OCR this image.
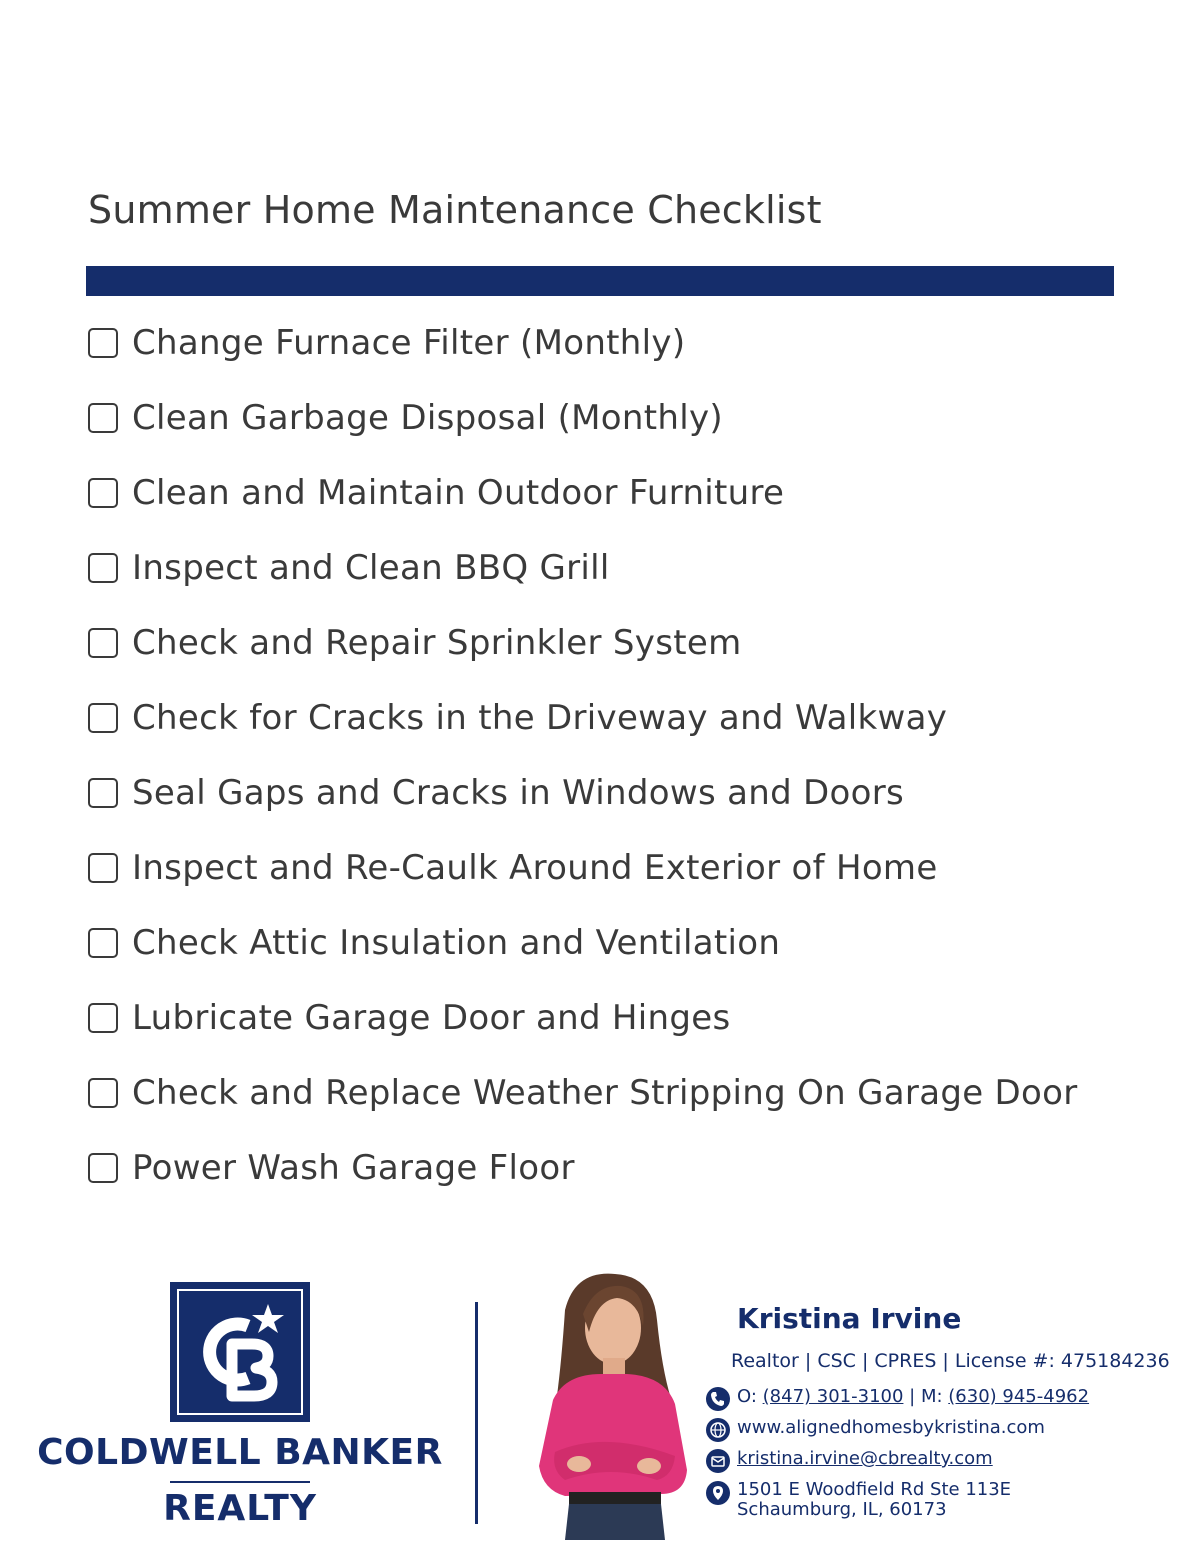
Summer Home Maintenance Checklist
Change Furnace Filter (Monthly)
Clean Garbage Disposal (Monthly)
Clean and Maintain Outdoor Furniture
Inspect and Clean BBQ Grill
Check and Repair Sprinkler System
Check for Cracks in the Driveway and Walkway
Seal Gaps and Cracks in Windows and Doors
Inspect and Re-Caulk Around Exterior of Home
Check Attic Insulation and Ventilation
Lubricate Garage Door and Hinges
Check and Replace Weather Stripping On Garage Door
Power Wash Garage Floor
COLDWELL BANKER
REALTY
Kristina Irvine
Realtor | CSC | CPRES | License #: 475184236
O: (847) 301-3100 | M: (630) 945-4962
www.alignedhomesbykristina.com
kristina.irvine@cbrealty.com
1501 E Woodfield Rd Ste 113E
Schaumburg, IL, 60173
